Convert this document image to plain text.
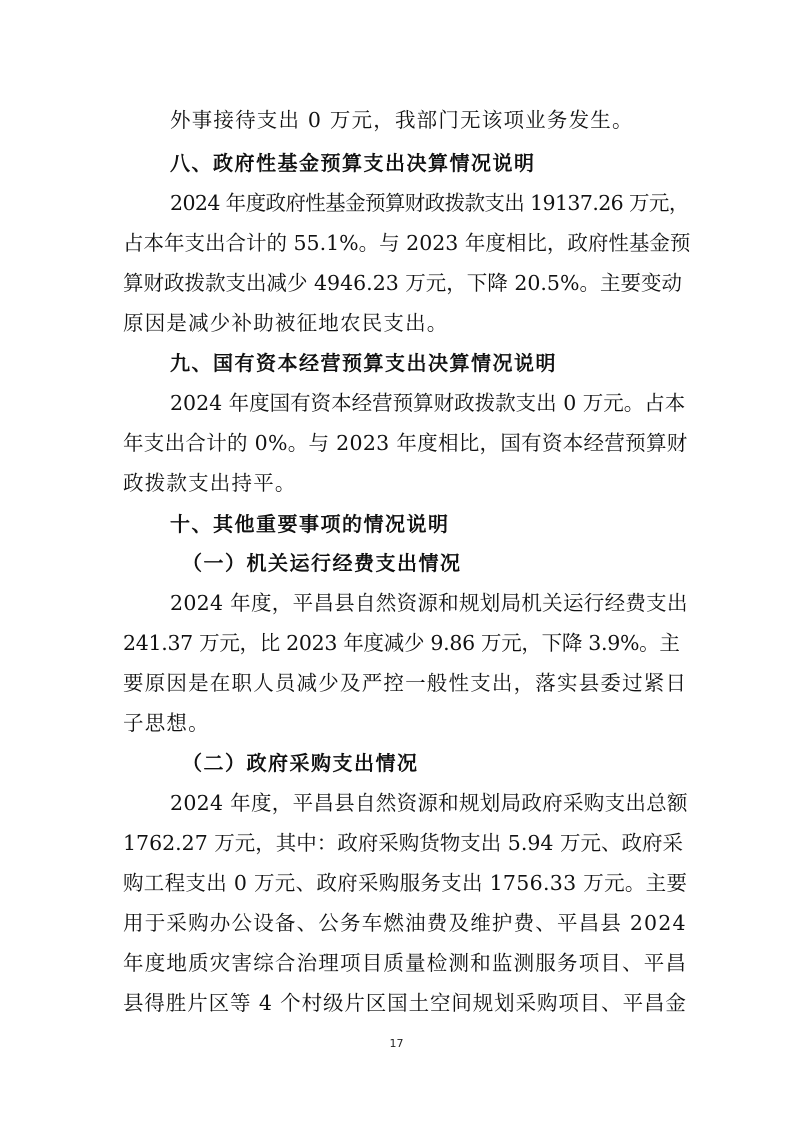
外事接待支出 0 万元，我部门无该项业务发生。
八、政府性基金预算支出决算情况说明
2024 年度政府性基金预算财政拨款支出 19137.26 万元，
占本年支出合计的 55.1%。与 2023 年度相比，政府性基金预
算财政拨款支出减少 4946.23 万元，下降 20.5%。主要变动
原因是减少补助被征地农民支出。
九、国有资本经营预算支出决算情况说明
2024 年度国有资本经营预算财政拨款支出 0 万元。占本
年支出合计的 0%。与 2023 年度相比，国有资本经营预算财
政拨款支出持平。
十、其他重要事项的情况说明
（一）机关运行经费支出情况
2024 年度，平昌县自然资源和规划局机关运行经费支出
241.37 万元，比 2023 年度减少 9.86 万元，下降 3.9%。主
要原因是在职人员减少及严控一般性支出，落实县委过紧日
子思想。
（二）政府采购支出情况
2024 年度，平昌县自然资源和规划局政府采购支出总额
1762.27 万元，其中：政府采购货物支出 5.94 万元、政府采
购工程支出 0 万元、政府采购服务支出 1756.33 万元。主要
用于采购办公设备、公务车燃油费及维护费、平昌县 2024
年度地质灾害综合治理项目质量检测和监测服务项目、平昌
县得胜片区等 4 个村级片区国土空间规划采购项目、平昌金
17
